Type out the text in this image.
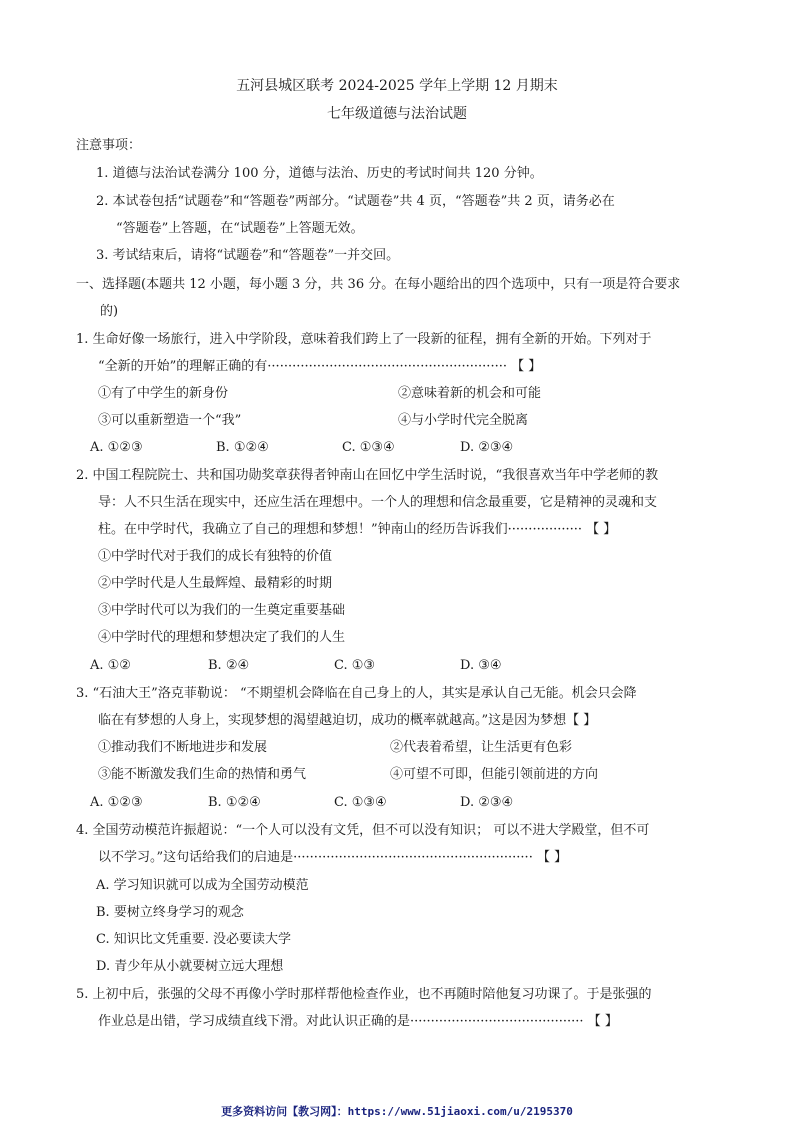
五河县城区联考 2024-2025 学年上学期 12 月期末
七年级道德与法治试题
注意事项：
1. 道德与法治试卷满分 100 分，道德与法治、历史的考试时间共 120 分钟。
2. 本试卷包括“试题卷”和“答题卷”两部分。“试题卷”共 4 页，“答题卷”共 2 页，请务必在
“答题卷”上答题，在“试题卷”上答题无效。
3. 考试结束后，请将“试题卷”和“答题卷”一并交回。
一、选择题(本题共 12 小题，每小题 3 分，共 36 分。在每小题给出的四个选项中，只有一项是符合要求
的)
1. 生命好像一场旅行，进入中学阶段，意味着我们跨上了一段新的征程，拥有全新的开始。下列对于
“全新的开始”的理解正确的有·························································· 【 】
①有了中学生的新身份	②意味着新的机会和可能
③可以重新塑造一个“我”	④与小学时代完全脱离
A. ①②③	B. ①②④	C. ①③④	D. ②③④
2. 中国工程院院士、共和国功勋奖章获得者钟南山在回忆中学生活时说，“我很喜欢当年中学老师的教
导：人不只生活在现实中，还应生活在理想中。一个人的理想和信念最重要，它是精神的灵魂和支
柱。在中学时代，我确立了自己的理想和梦想！”钟南山的经历告诉我们·················· 【 】
①中学时代对于我们的成长有独特的价值
②中学时代是人生最辉煌、最精彩的时期
③中学时代可以为我们的一生奠定重要基础
④中学时代的理想和梦想决定了我们的人生
A. ①②	B. ②④	C. ①③	D. ③④
3. “石油大王”洛克菲勒说： “不期望机会降临在自己身上的人，其实是承认自己无能。机会只会降
临在有梦想的人身上，实现梦想的渴望越迫切，成功的概率就越高。”这是因为梦想【 】
①推动我们不断地进步和发展	②代表着希望，让生活更有色彩
③能不断激发我们生命的热情和勇气	④可望不可即，但能引领前进的方向
A. ①②③	B. ①②④	C. ①③④	D. ②③④
4. 全国劳动模范许振超说：“一个人可以没有文凭，但不可以没有知识； 可以不进大学殿堂，但不可
以不学习。”这句话给我们的启迪是·························································· 【 】
A. 学习知识就可以成为全国劳动模范
B. 要树立终身学习的观念
C. 知识比文凭重要. 没必要读大学
D. 青少年从小就要树立远大理想
5. 上初中后，张强的父母不再像小学时那样帮他检查作业，也不再随时陪他复习功课了。于是张强的
作业总是出错，学习成绩直线下滑。对此认识正确的是·········································· 【 】
更多资料访问【教习网】：https://www.51jiaoxi.com/u/2195370
